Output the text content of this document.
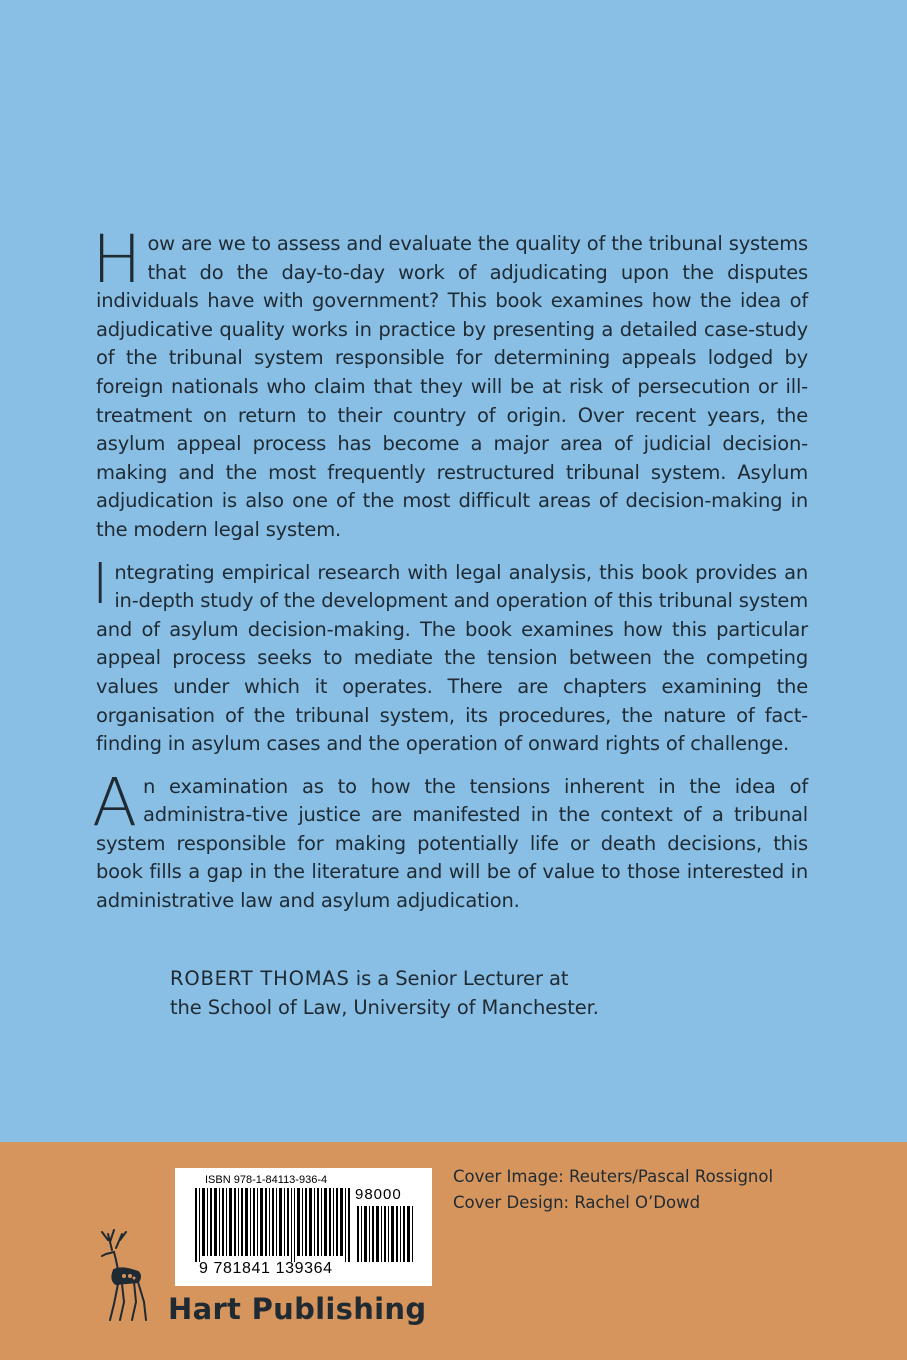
How are we to assess and evaluate the quality of the tribunal systems that do the day-to-day work of adjudicating upon the disputes individuals have with government? This book examines how the idea of adjudicative quality works in practice by presenting a detailed case-study of the tribunal system responsible for determining appeals lodged by foreign nationals who claim that they will be at risk of persecution or ill-treatment on return to their country of origin. Over recent years, the asylum appeal process has become a major area of judicial decision-making and the most frequently restructured tribunal system. Asylum adjudication is also one of the most difficult areas of decision-making in the modern legal system.

Integrating empirical research with legal analysis, this book provides an in-depth study of the development and operation of this tribunal system and of asylum decision-making. The book examines how this particular appeal process seeks to mediate the tension between the competing values under which it operates. There are chapters examining the organisation of the tribunal system, its procedures, the nature of fact-finding in asylum cases and the operation of onward rights of challenge.

An examination as to how the tensions inherent in the idea of administra-tive justice are manifested in the context of a tribunal system responsible for making potentially life or death decisions, this book fills a gap in the literature and will be of value to those interested in administrative law and asylum adjudication.

ROBERT THOMAS is a Senior Lecturer at
the School of Law, University of Manchester.
ISBN 978-1-84113-936-4
98000
9 781841 139364
Cover Image: Reuters/Pascal Rossignol
Cover Design: Rachel O’Dowd
Hart Publishing
